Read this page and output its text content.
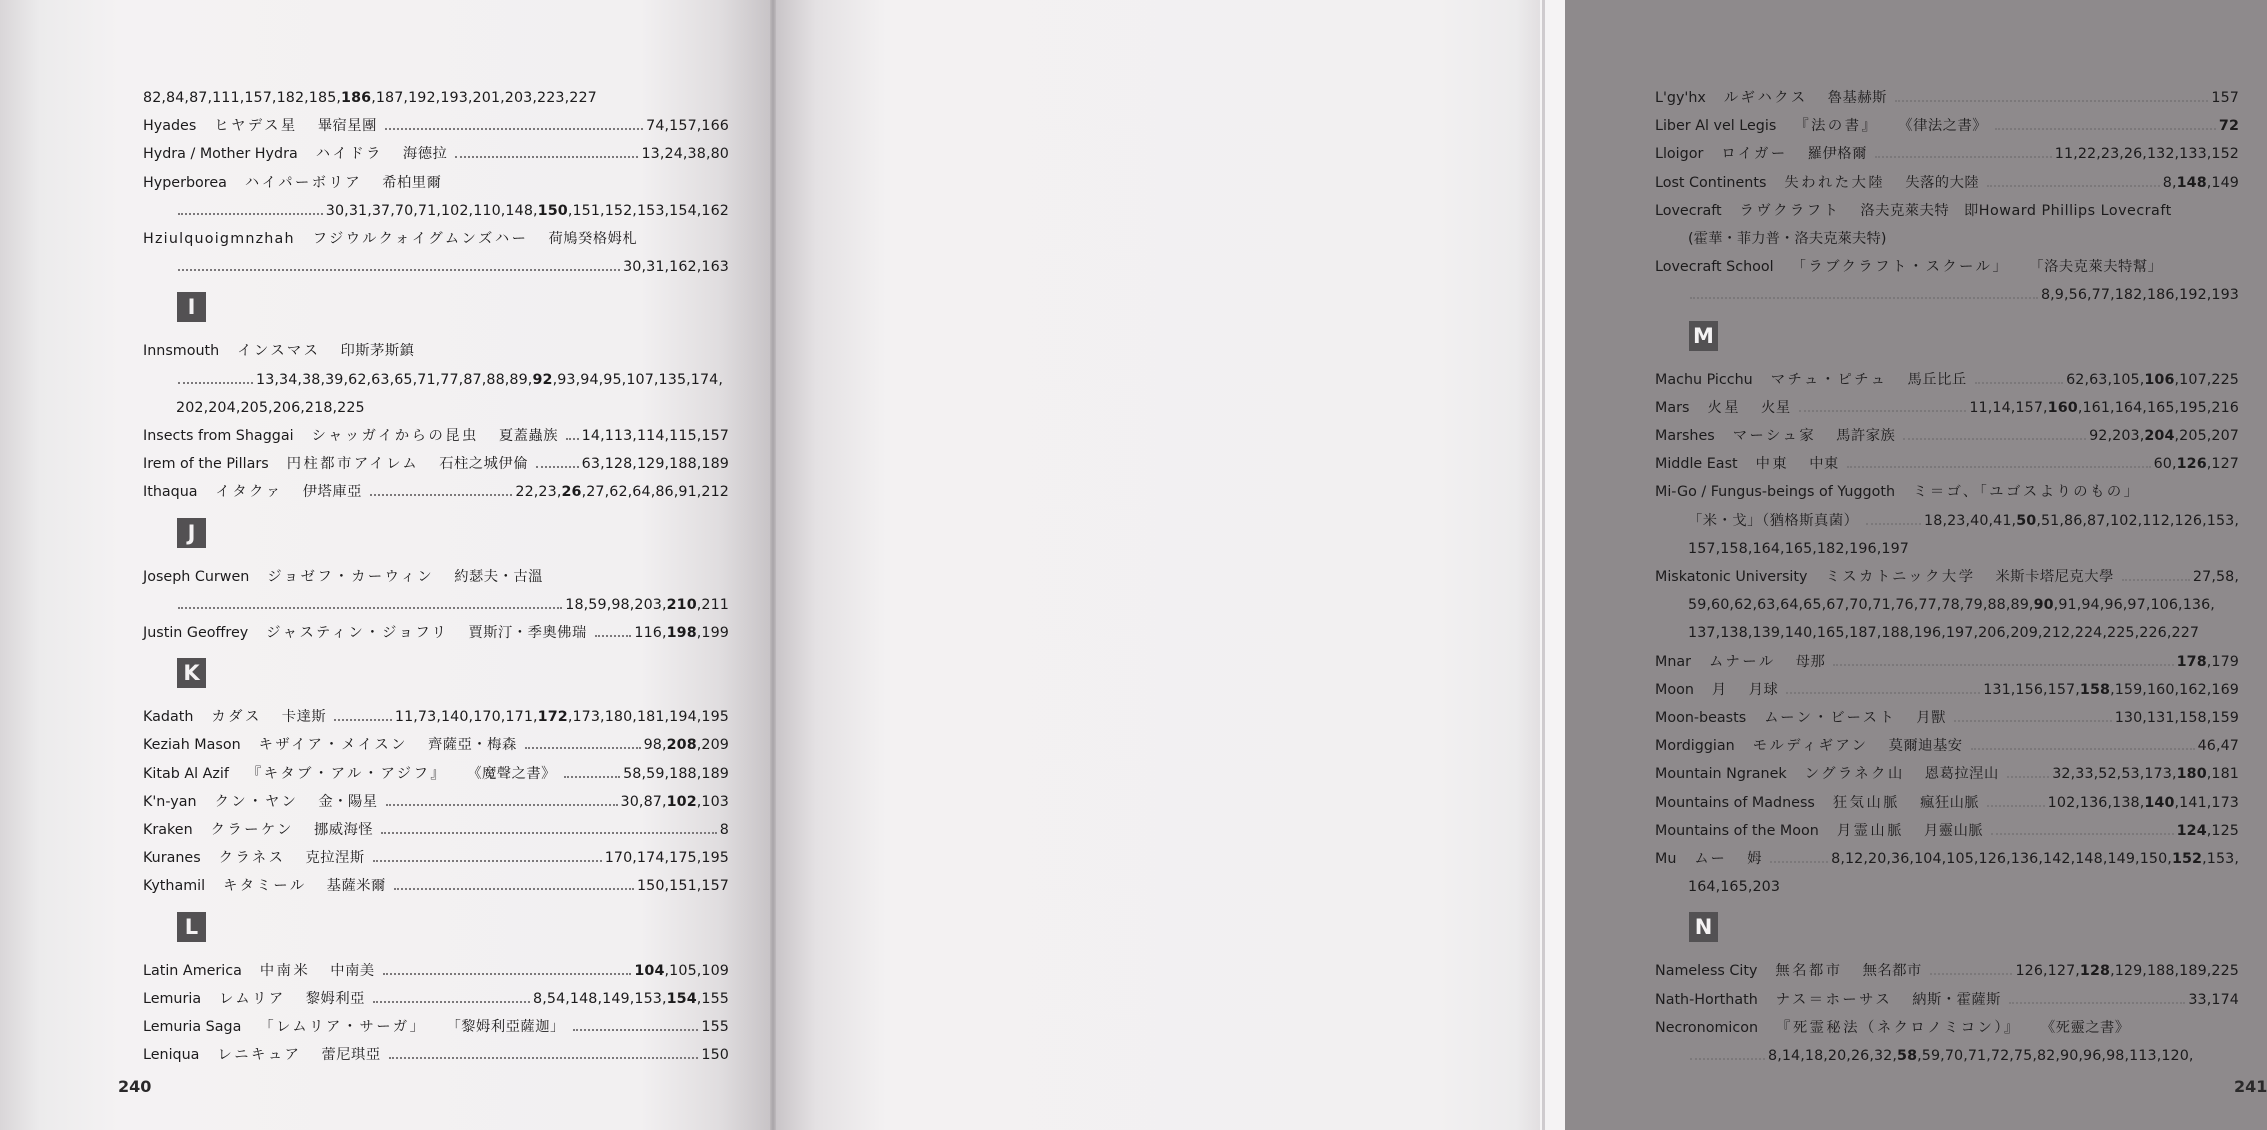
82,84,87,111,157,182,185,186,187,192,193,201,203,223,227
Hyades ヒヤデス星 畢宿星團	74,157,166
Hydra / Mother Hydra ハイドラ 海德拉	13,24,38,80
Hyperborea ハイパーボリア 希柏里爾
30,31,37,70,71,102,110,148,150,151,152,153,154,162
Hziulquoigmnzhah フジウルクォイグムンズハー 荷鳩癸格姆札
30,31,162,163
I
Innsmouth インスマス 印斯茅斯鎮
13,34,38,39,62,63,65,71,77,87,88,89,92,93,94,95,107,135,174,
202,204,205,206,218,225
Insects from Shaggai シャッガイからの昆虫 夏蓋蟲族 14,113,114,115,157
Irem of the Pillars 円柱都市アイレム 石柱之城伊倫	63,128,129,188,189
Ithaqua イタクァ 伊塔庫亞	22,23,26,27,62,64,86,91,212
J
Joseph Curwen ジョゼフ・カーウィン 約瑟夫・古溫
18,59,98,203,210,211
Justin Geoffrey ジャスティン・ジョフリ 賈斯汀・季奧佛瑞	116,198,199
K
Kadath カダス 卡達斯	11,73,140,170,171,172,173,180,181,194,195
Keziah Mason キザイア・メイスン 齊薩亞・梅森	98,208,209
Kitab Al Azif 『キタブ・アル・アジフ』 《魔聲之書》	58,59,188,189
K'n-yan クン・ヤン 金・陽星	30,87,102,103
Kraken クラーケン 挪威海怪	8
Kuranes クラネス 克拉涅斯	170,174,175,195
Kythamil キタミール 基薩米爾	150,151,157
L
Latin America 中南米 中南美	104,105,109
Lemuria レムリア 黎姆利亞	8,54,148,149,153,154,155
Lemuria Saga 「レムリア・サーガ」 「黎姆利亞薩迦」	155
Leniqua レニキュア 蕾尼琪亞	150
240
L'gy'hx ルギハクス 魯基赫斯	157
Liber Al vel Legis 『法の書』 《律法之書》	72
Lloigor ロイガー 羅伊格爾	11,22,23,26,132,133,152
Lost Continents 失われた大陸 失落的大陸	8,148,149
Lovecraft ラヴクラフト 洛夫克萊夫特　即Howard Phillips Lovecraft
(霍華・菲力普・洛夫克萊夫特)
Lovecraft School 「ラブクラフト・スクール」 「洛夫克萊夫特幫」
8,9,56,77,182,186,192,193
M
Machu Picchu マチュ・ピチュ 馬丘比丘	62,63,105,106,107,225
Mars 火星 火星	11,14,157,160,161,164,165,195,216
Marshes マーシュ家 馬許家族	92,203,204,205,207
Middle East 中東 中東	60,126,127
Mi-Go / Fungus-beings of Yuggoth ミ＝ゴ、「ユゴスよりのもの」
「米・戈」（猶格斯真菌）	18,23,40,41,50,51,86,87,102,112,126,153,
157,158,164,165,182,196,197
Miskatonic University ミスカトニック大学 米斯卡塔尼克大學	27,58,
59,60,62,63,64,65,67,70,71,76,77,78,79,88,89,90,91,94,96,97,106,136,
137,138,139,140,165,187,188,196,197,206,209,212,224,225,226,227
Mnar ムナール 母那	178,179
Moon 月 月球	131,156,157,158,159,160,162,169
Moon-beasts ムーン・ビースト 月獸	130,131,158,159
Mordiggian モルディギアン 莫爾迪基安	46,47
Mountain Ngranek ングラネク山 恩葛拉涅山	32,33,52,53,173,180,181
Mountains of Madness 狂気山脈 瘋狂山脈	102,136,138,140,141,173
Mountains of the Moon 月霊山脈 月靈山脈	124,125
Mu ムー 姆	8,12,20,36,104,105,126,136,142,148,149,150,152,153,
164,165,203
N
Nameless City 無名都市 無名都市	126,127,128,129,188,189,225
Nath-Horthath ナス＝ホーサス 納斯・霍薩斯	33,174
Necronomicon 『死霊秘法（ネクロノミコン）』 《死靈之書》
8,14,18,20,26,32,58,59,70,71,72,75,82,90,96,98,113,120,
241
